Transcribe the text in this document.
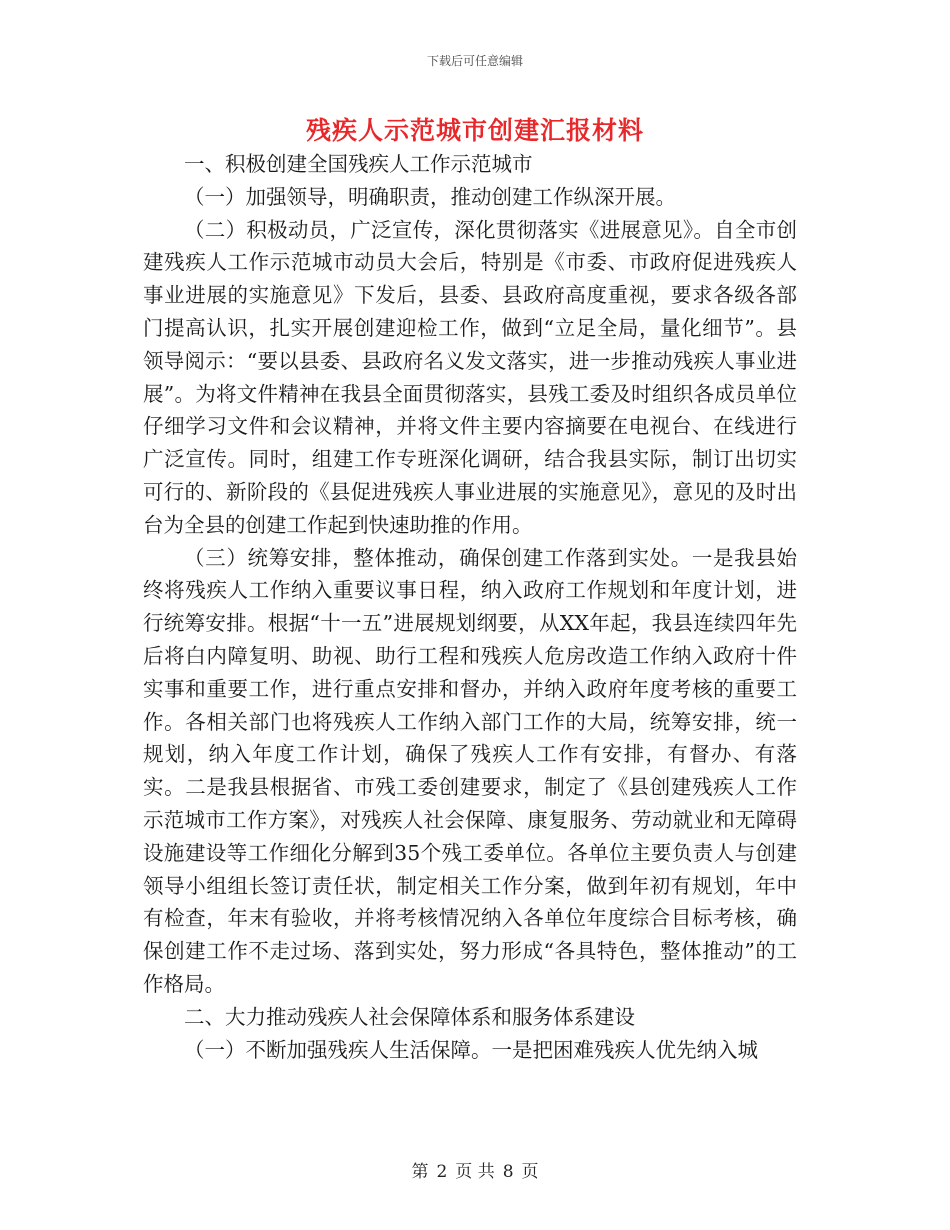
下载后可任意编辑
残疾人示范城市创建汇报材料

一、积极创建全国残疾人工作示范城市

（一）加强领导，明确职责，推动创建工作纵深开展。

（二）积极动员，广泛宣传，深化贯彻落实《进展意见》。自全市创建残疾人工作示范城市动员大会后，特别是《市委、市政府促进残疾人事业进展的实施意见》下发后，县委、县政府高度重视，要求各级各部门提高认识，扎实开展创建迎检工作，做到“立足全局，量化细节”。县领导阅示：“要以县委、县政府名义发文落实，进一步推动残疾人事业进展”。为将文件精神在我县全面贯彻落实，县残工委及时组织各成员单位仔细学习文件和会议精神，并将文件主要内容摘要在电视台、在线进行广泛宣传。同时，组建工作专班深化调研，结合我县实际，制订出切实可行的、新阶段的《县促进残疾人事业进展的实施意见》，意见的及时出台为全县的创建工作起到快速助推的作用。

（三）统筹安排，整体推动，确保创建工作落到实处。一是我县始终将残疾人工作纳入重要议事日程，纳入政府工作规划和年度计划，进行统筹安排。根据“十一五”进展规划纲要，从XX年起，我县连续四年先后将白内障复明、助视、助行工程和残疾人危房改造工作纳入政府十件实事和重要工作，进行重点安排和督办，并纳入政府年度考核的重要工作。各相关部门也将残疾人工作纳入部门工作的大局，统筹安排，统一规划，纳入年度工作计划，确保了残疾人工作有安排，有督办、有落实。二是我县根据省、市残工委创建要求，制定了《县创建残疾人工作示范城市工作方案》，对残疾人社会保障、康复服务、劳动就业和无障碍设施建设等工作细化分解到35个残工委单位。各单位主要负责人与创建领导小组组长签订责任状，制定相关工作分案，做到年初有规划，年中有检查，年末有验收，并将考核情况纳入各单位年度综合目标考核，确保创建工作不走过场、落到实处，努力形成“各具特色，整体推动”的工作格局。

二、大力推动残疾人社会保障体系和服务体系建设

（一）不断加强残疾人生活保障。一是把困难残疾人优先纳入城

第 2 页 共 8 页
